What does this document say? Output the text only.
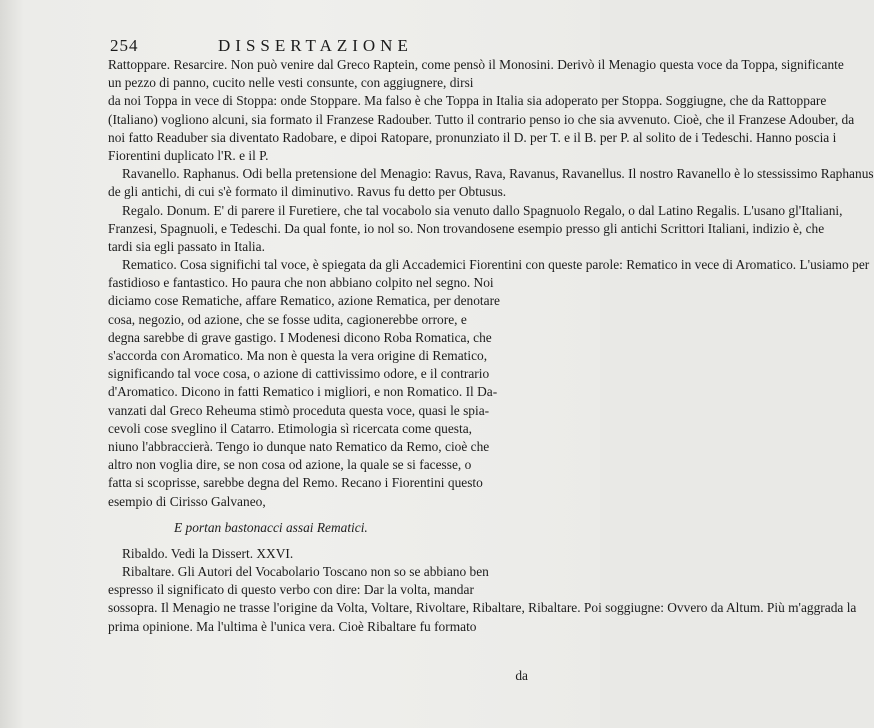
254	DISSERTAZIONE
Rattoppare. Resarcire. Non può venire dal Greco Raptein, come pensò il Monosini. Derivò il Menagio questa voce da Toppa, significante
un pezzo di panno, cucito nelle vesti consunte, con aggiugnere, dirsi
da noi Toppa in vece di Stoppa: onde Stoppare. Ma falso è che Toppa in Italia sia adoperato per Stoppa. Soggiugne, che da Rattoppare
(Italiano) vogliono alcuni, sia formato il Franzese Radouber. Tutto il contrario penso io che sia avvenuto. Cioè, che il Franzese Adouber, da
noi fatto Readuber sia diventato Radobare, e dipoi Ratopare, pronunziato il D. per T. e il B. per P. al solito de i Tedeschi. Hanno poscia i
Fiorentini duplicato l'R. e il P.
Ravanello. Raphanus. Odi bella pretensione del Menagio: Ravus, Rava, Ravanus, Ravanellus. Il nostro Ravanello è lo stessissimo Raphanus
de gli antichi, di cui s'è formato il diminutivo. Ravus fu detto per Obtusus.
Regalo. Donum. E' di parere il Furetiere, che tal vocabolo sia venuto dallo Spagnuolo Regalo, o dal Latino Regalis. L'usano gl'Italiani,
Franzesi, Spagnuoli, e Tedeschi. Da qual fonte, io nol so. Non trovandosene esempio presso gli antichi Scrittori Italiani, indizio è, che
tardi sia egli passato in Italia.
Rematico. Cosa significhi tal voce, è spiegata da gli Accademici Fiorentini con queste parole: Rematico in vece di Aromatico. L'usiamo per
fastidioso e fantastico. Ho paura che non abbiano colpito nel segno. Noi
diciamo cose Rematiche, affare Rematico, azione Rematica, per denotare
cosa, negozio, od azione, che se fosse udita, cagionerebbe orrore, e
degna sarebbe di grave gastigo. I Modenesi dicono Roba Romatica, che
s'accorda con Aromatico. Ma non è questa la vera origine di Rematico,
significando tal voce cosa, o azione di cattivissimo odore, e il contrario
d'Aromatico. Dicono in fatti Rematico i migliori, e non Romatico. Il Da-
vanzati dal Greco Reheuma stimò proceduta questa voce, quasi le spia-
cevoli cose sveglino il Catarro. Etimologia sì ricercata come questa,
niuno l'abbraccierà. Tengo io dunque nato Rematico da Remo, cioè che
altro non voglia dire, se non cosa od azione, la quale se si facesse, o
fatta si scoprisse, sarebbe degna del Remo. Recano i Fiorentini questo
esempio di Cirisso Galvaneo,
E portan bastonacci assai Rematici.
Ribaldo. Vedi la Dissert. XXVI.
Ribaltare. Gli Autori del Vocabolario Toscano non so se abbiano ben
espresso il significato di questo verbo con dire: Dar la volta, mandar
sossopra. Il Menagio ne trasse l'origine da Volta, Voltare, Rivoltare, Ribaltare, Ribaltare. Poi soggiugne: Ovvero da Altum. Più m'aggrada la
prima opinione. Ma l'ultima è l'unica vera. Cioè Ribaltare fu formato
da
